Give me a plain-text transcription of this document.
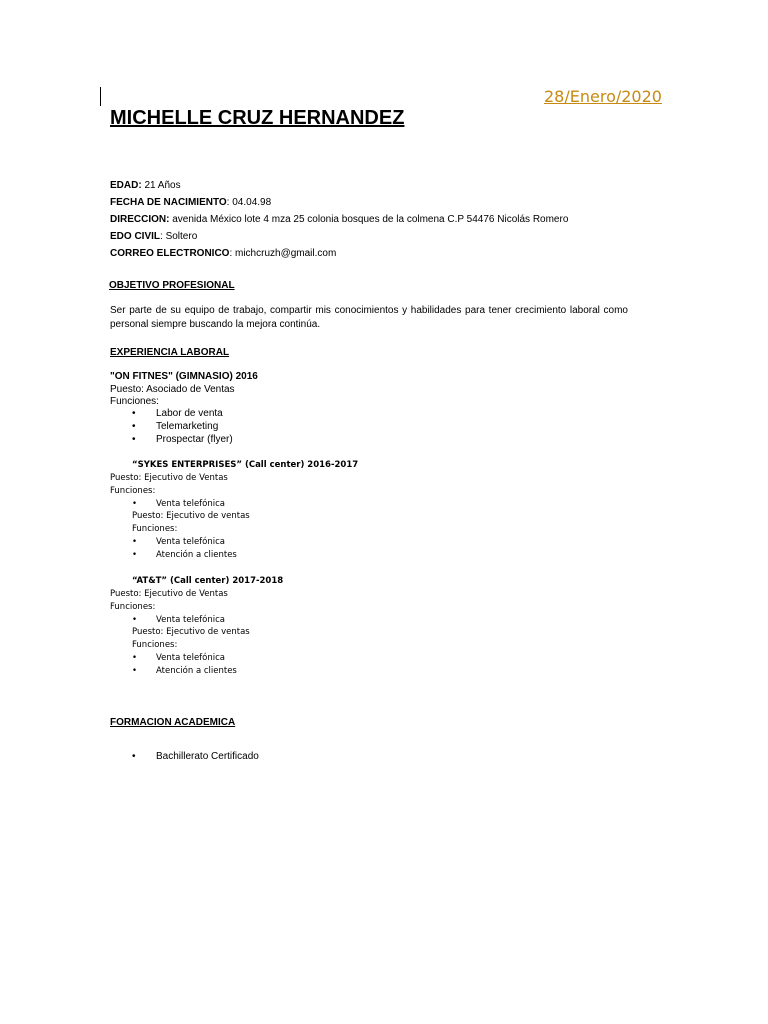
28/Enero/2020
MICHELLE CRUZ HERNANDEZ
EDAD: 21 Años
FECHA DE NACIMIENTO: 04.04.98
DIRECCION: avenida México lote 4 mza 25 colonia bosques de la colmena C.P 54476 Nicolás Romero
EDO CIVIL: Soltero
CORREO ELECTRONICO: michcruzh@gmail.com
OBJETIVO PROFESIONAL
Ser parte de su equipo de trabajo, compartir mis conocimientos y habilidades para tener crecimiento laboral como personal siempre buscando la mejora continúa.
EXPERIENCIA LABORAL
"ON FITNES" (GIMNASIO) 2016
Puesto: Asociado de Ventas
Funciones:
• Labor de venta
• Telemarketing
• Prospectar (flyer)
“SYKES ENTERPRISES” (Call center) 2016-2017
Puesto: Ejecutivo de Ventas
Funciones:
• Venta telefónica
Puesto: Ejecutivo de ventas
Funciones:
• Venta telefónica
• Atención a clientes
“AT&T” (Call center) 2017-2018
Puesto: Ejecutivo de Ventas
Funciones:
• Venta telefónica
Puesto: Ejecutivo de ventas
Funciones:
• Venta telefónica
• Atención a clientes
FORMACION ACADEMICA
• Bachillerato Certificado
